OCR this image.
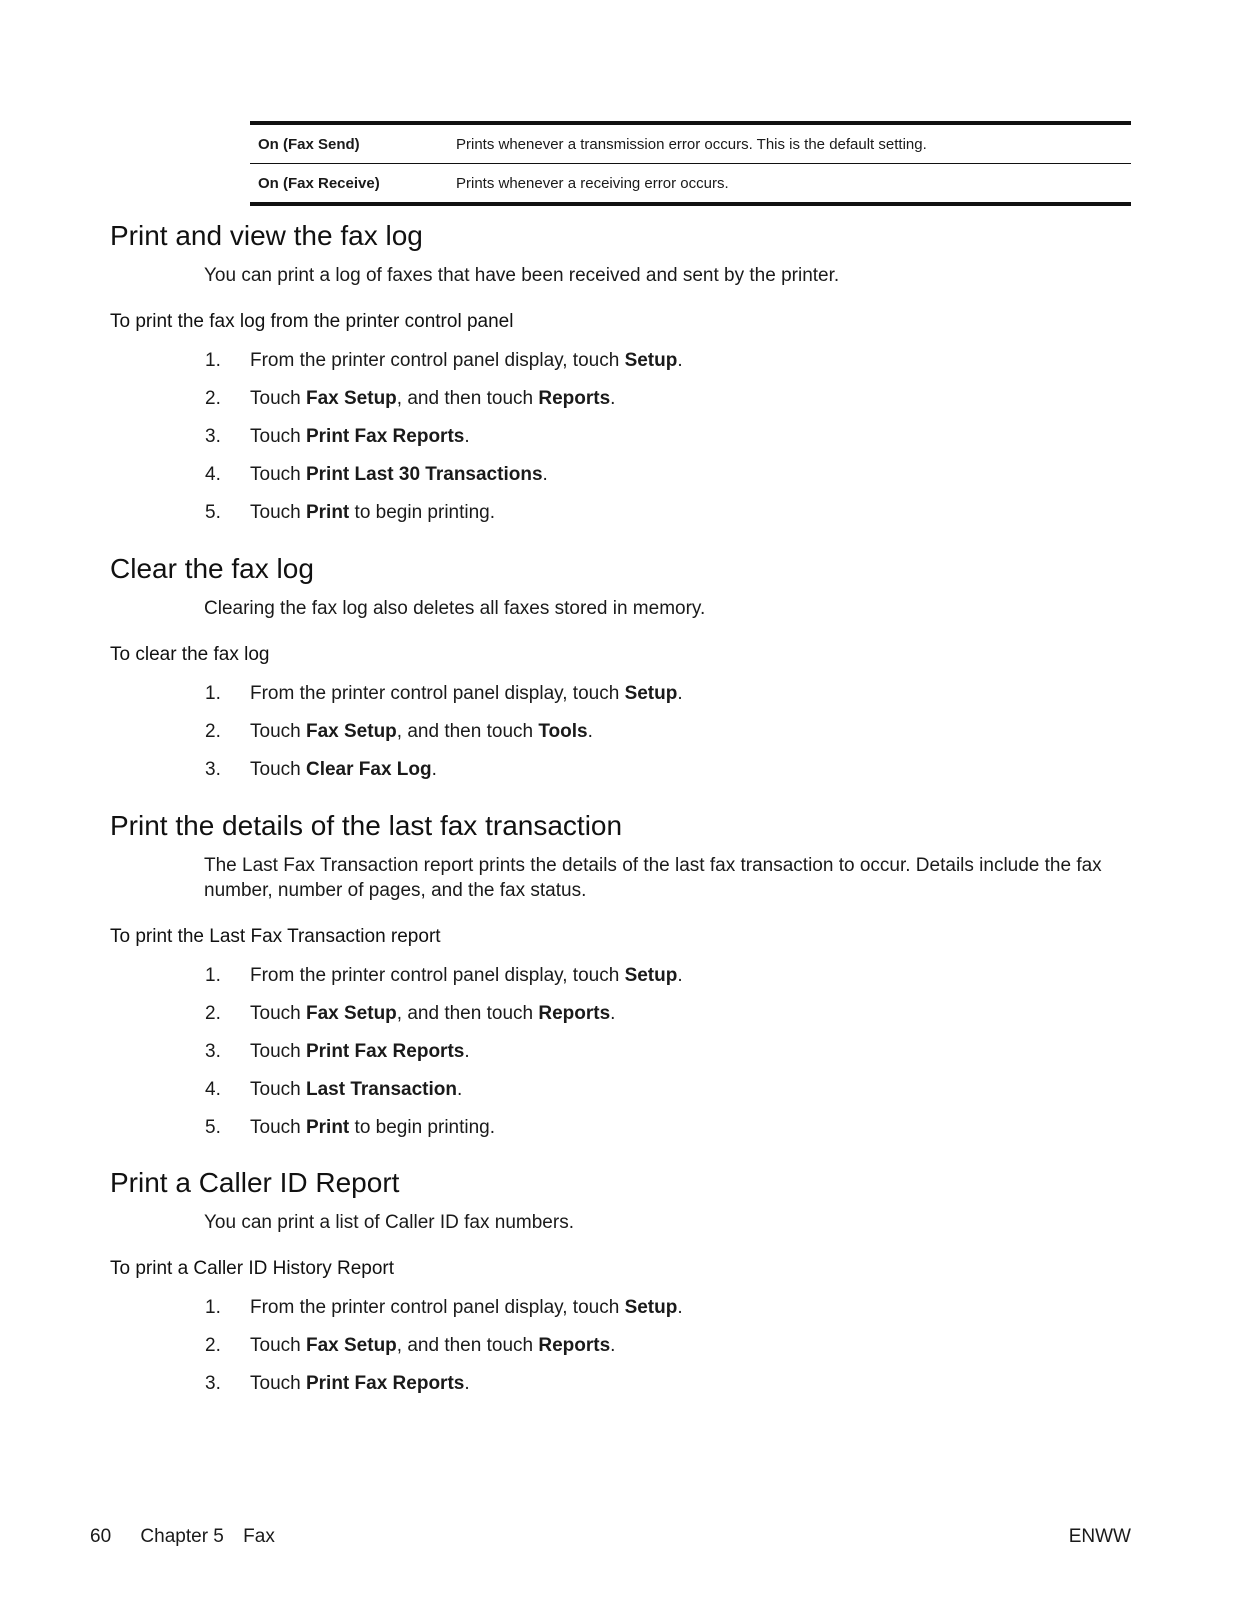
On (Fax Send)	Prints whenever a transmission error occurs. This is the default setting.
On (Fax Receive)	Prints whenever a receiving error occurs.
Print and view the fax log

You can print a log of faxes that have been received and sent by the printer.

To print the fax log from the printer control panel

1.	From the printer control panel display, touch Setup.
2.	Touch Fax Setup, and then touch Reports.
3.	Touch Print Fax Reports.
4.	Touch Print Last 30 Transactions.
5.	Touch Print to begin printing.
Clear the fax log

Clearing the fax log also deletes all faxes stored in memory.

To clear the fax log

1.	From the printer control panel display, touch Setup.
2.	Touch Fax Setup, and then touch Tools.
3.	Touch Clear Fax Log.
Print the details of the last fax transaction

The Last Fax Transaction report prints the details of the last fax transaction to occur. Details include the fax number, number of pages, and the fax status.

To print the Last Fax Transaction report

1.	From the printer control panel display, touch Setup.
2.	Touch Fax Setup, and then touch Reports.
3.	Touch Print Fax Reports.
4.	Touch Last Transaction.
5.	Touch Print to begin printing.
Print a Caller ID Report

You can print a list of Caller ID fax numbers.

To print a Caller ID History Report

1.	From the printer control panel display, touch Setup.
2.	Touch Fax Setup, and then touch Reports.
3.	Touch Print Fax Reports.
60 Chapter 5 Fax	ENWW
